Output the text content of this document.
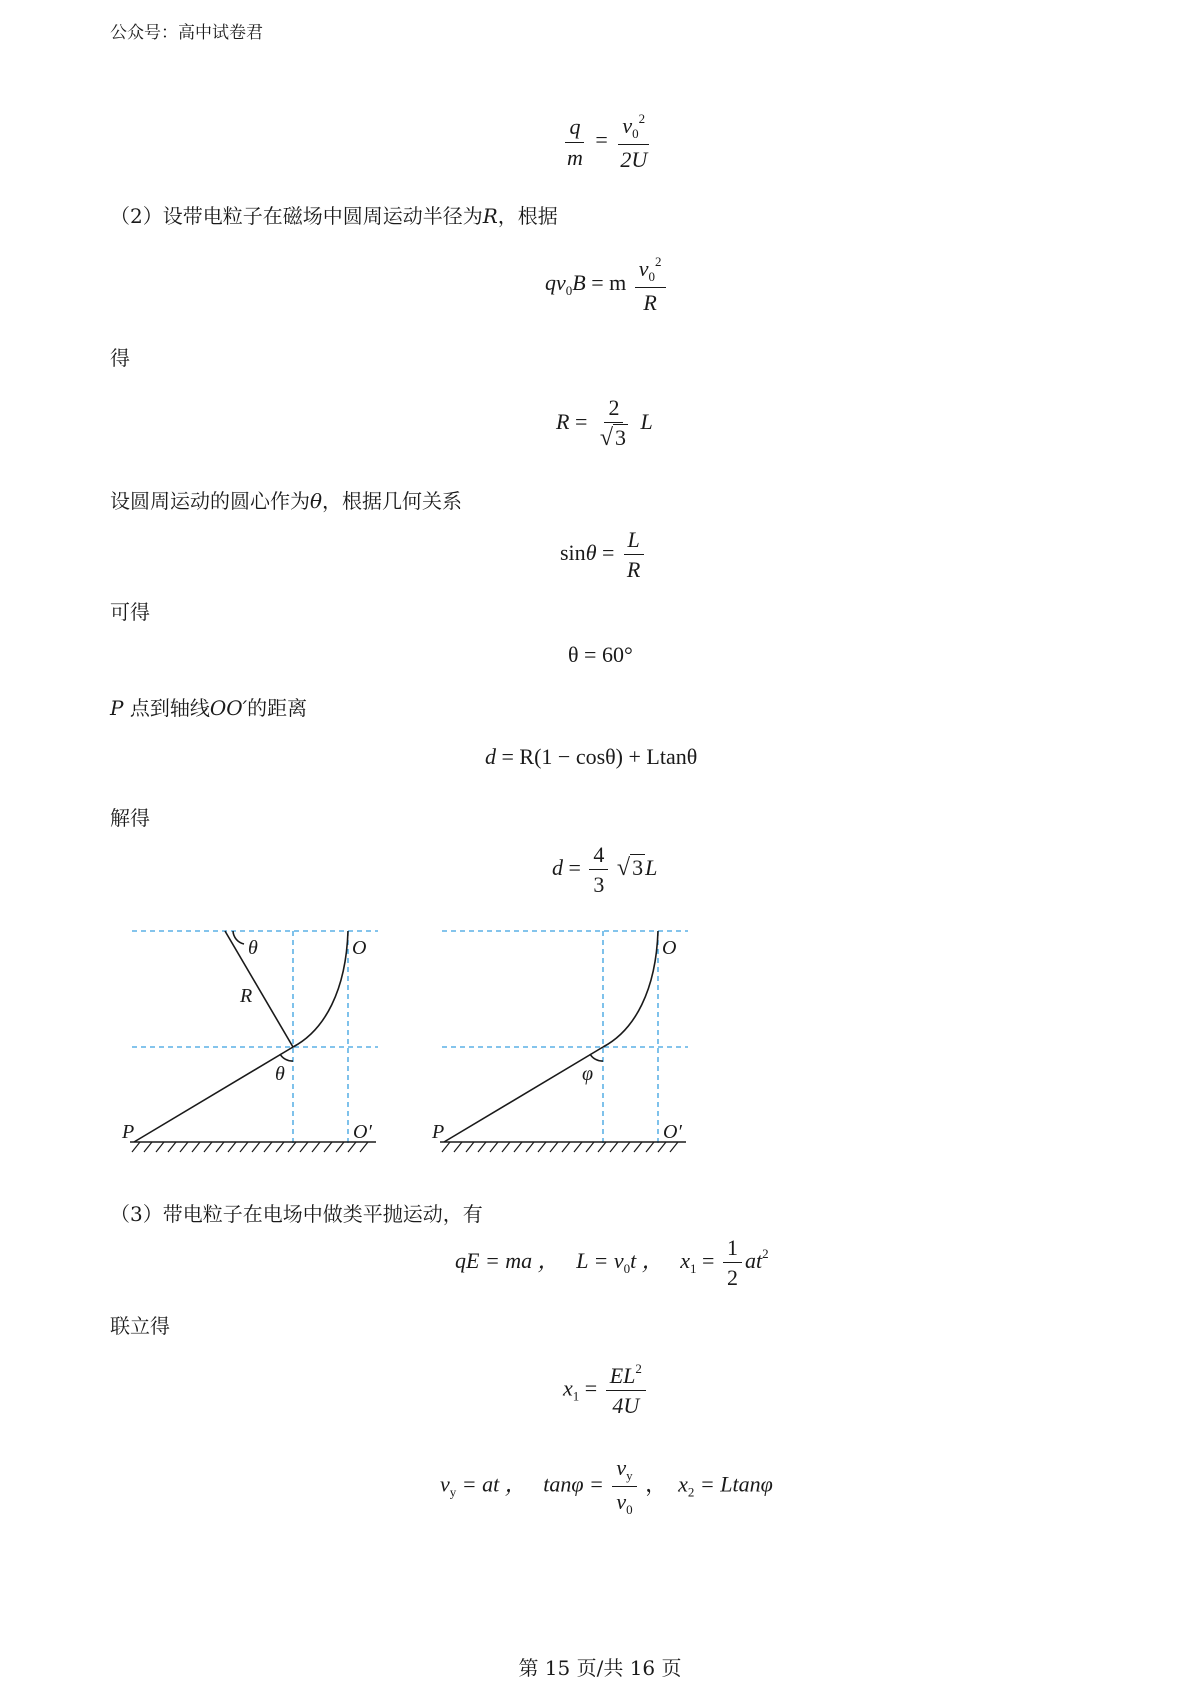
公众号：高中试卷君
$\frac{q}{m} = \frac{v_0^2}{2U}$
（2）设带电粒子在磁场中圆周运动半径为R，根据
$qv_0B = m \frac{v_0^2}{R}$
得
$R = \frac{2}{√3}$ L
设圆周运动的圆心作为θ，根据几何关系
$\sin\theta = \frac{L}{R}$
可得
θ = 60°
P 点到轴线OO′的距离
d = R(1 − cosθ) + Ltanθ
解得
$d = \frac{4}{3} √3L$
θ	O
R
θ
P	O′
O
φ
P	O′
（3）带电粒子在电场中做类平抛运动，有
qE = ma ， $L = v_0t$ ， $x_1 = \frac{1}{2} at^2$
联立得
$x_1 = \frac{EL^2}{4U}$
$v_y$ = at ， $\tan\varphi = \frac{v_y}{v_0}$ ， $x_2 = Ltan\varphi$
第 15 页/共 16 页
